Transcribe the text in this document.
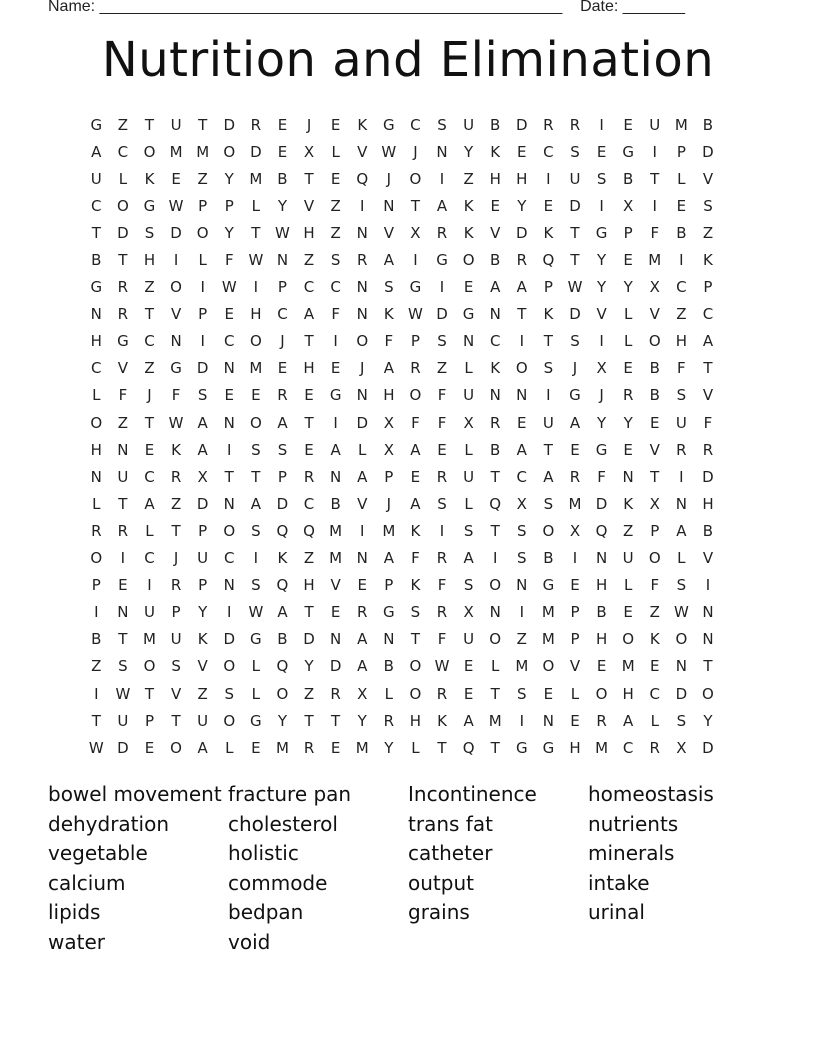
Name: ____________________________________________________ Date: _______
Nutrition and Elimination
G	Z	T	U	T	D	R	E	J	E	K	G	C	S	U	B	D	R	R	I	E	U M B
A	C	O M M O D	E	X	L	V W	J	N	Y	K	E	C	S	E	G	I	P	D
U	L	K	E	Z	Y	M B	T	E	Q	J	O	I	Z	H	H	I	U	S	B	T	L	V
C	O G W P	P	L	Y	V	Z	I	N	T	A	K	E	Y	E	D	I	X	I	E	S
T	D	S	D O	Y	T W H	Z	N	V	X	R	K	V	D	K	T	G	P	F	B	Z
B	T	H	I	L	F W N	Z	S	R	A	I	G O	B	R	Q	T	Y	E	M	I	K
G	R	Z	O	I	W	I	P	C	C	N	S	G	I	E	A	A	P W Y	Y	X	C	P
N	R	T	V	P	E	H	C	A	F	N	K W D	G	N	T	K	D	V	L	V	Z	C
H	G	C	N	I	C	O	J	T	I	O	F	P	S	N	C	I	T	S	I	L	O	H	A
C	V	Z	G	D	N M	E	H	E	J	A	R	Z	L	K	O	S	J	X	E	B	F	T
L	F	J	F	S	E	E	R	E	G	N	H	O	F	U	N	N	I	G	J	R	B	S	V
O	Z	T W A	N	O	A	T	I	D	X	F	F	X	R	E	U	A	Y	Y	E	U	F
H	N	E	K	A	I	S	S	E	A	L	X	A	E	L	B	A	T	E	G	E	V	R	R
N	U	C	R	X	T	T	P	R	N	A	P	E	R	U	T	C	A	R	F	N	T	I	D
L	T	A	Z	D	N	A	D	C	B	V	J	A	S	L	Q	X	S	M D	K	X	N	H
R	R	L	T	P	O	S	Q Q M	I	M	K	I	S	T	S	O	X	Q	Z	P	A	B
O	I	C	J	U	C	I	K	Z M N	A	F	R	A	I	S	B	I	N	U	O	L	V
P	E	I	R	P	N	S	Q	H	V	E	P	K	F	S	O	N	G	E	H	L	F	S	I
I	N	U	P	Y	I	W A	T	E	R	G	S	R	X	N	I	M	P	B	E	Z W N
B	T	M U	K	D	G	B	D	N	A	N	T	F	U	O	Z M	P	H	O	K	O	N
Z	S	O	S	V	O	L	Q	Y	D	A	B	O W E	L	M O	V	E	M	E	N	T
I	W T	V	Z	S	L	O	Z	R	X	L	O	R	E	T	S	E	L	O	H	C	D O
T	U	P	T	U	O G	Y	T	T	Y	R	H	K	A M	I	N	E	R	A	L	S	Y
W D	E	O	A	L	E	M R	E	M	Y	L	T	Q	T	G G	H M C	R	X	D
bowel movement
dehydration
vegetable
calcium
lipids
water
fracture pan
cholesterol
holistic
commode
bedpan
void
Incontinence
trans fat
catheter
output
grains
homeostasis
nutrients
minerals
intake
urinal
